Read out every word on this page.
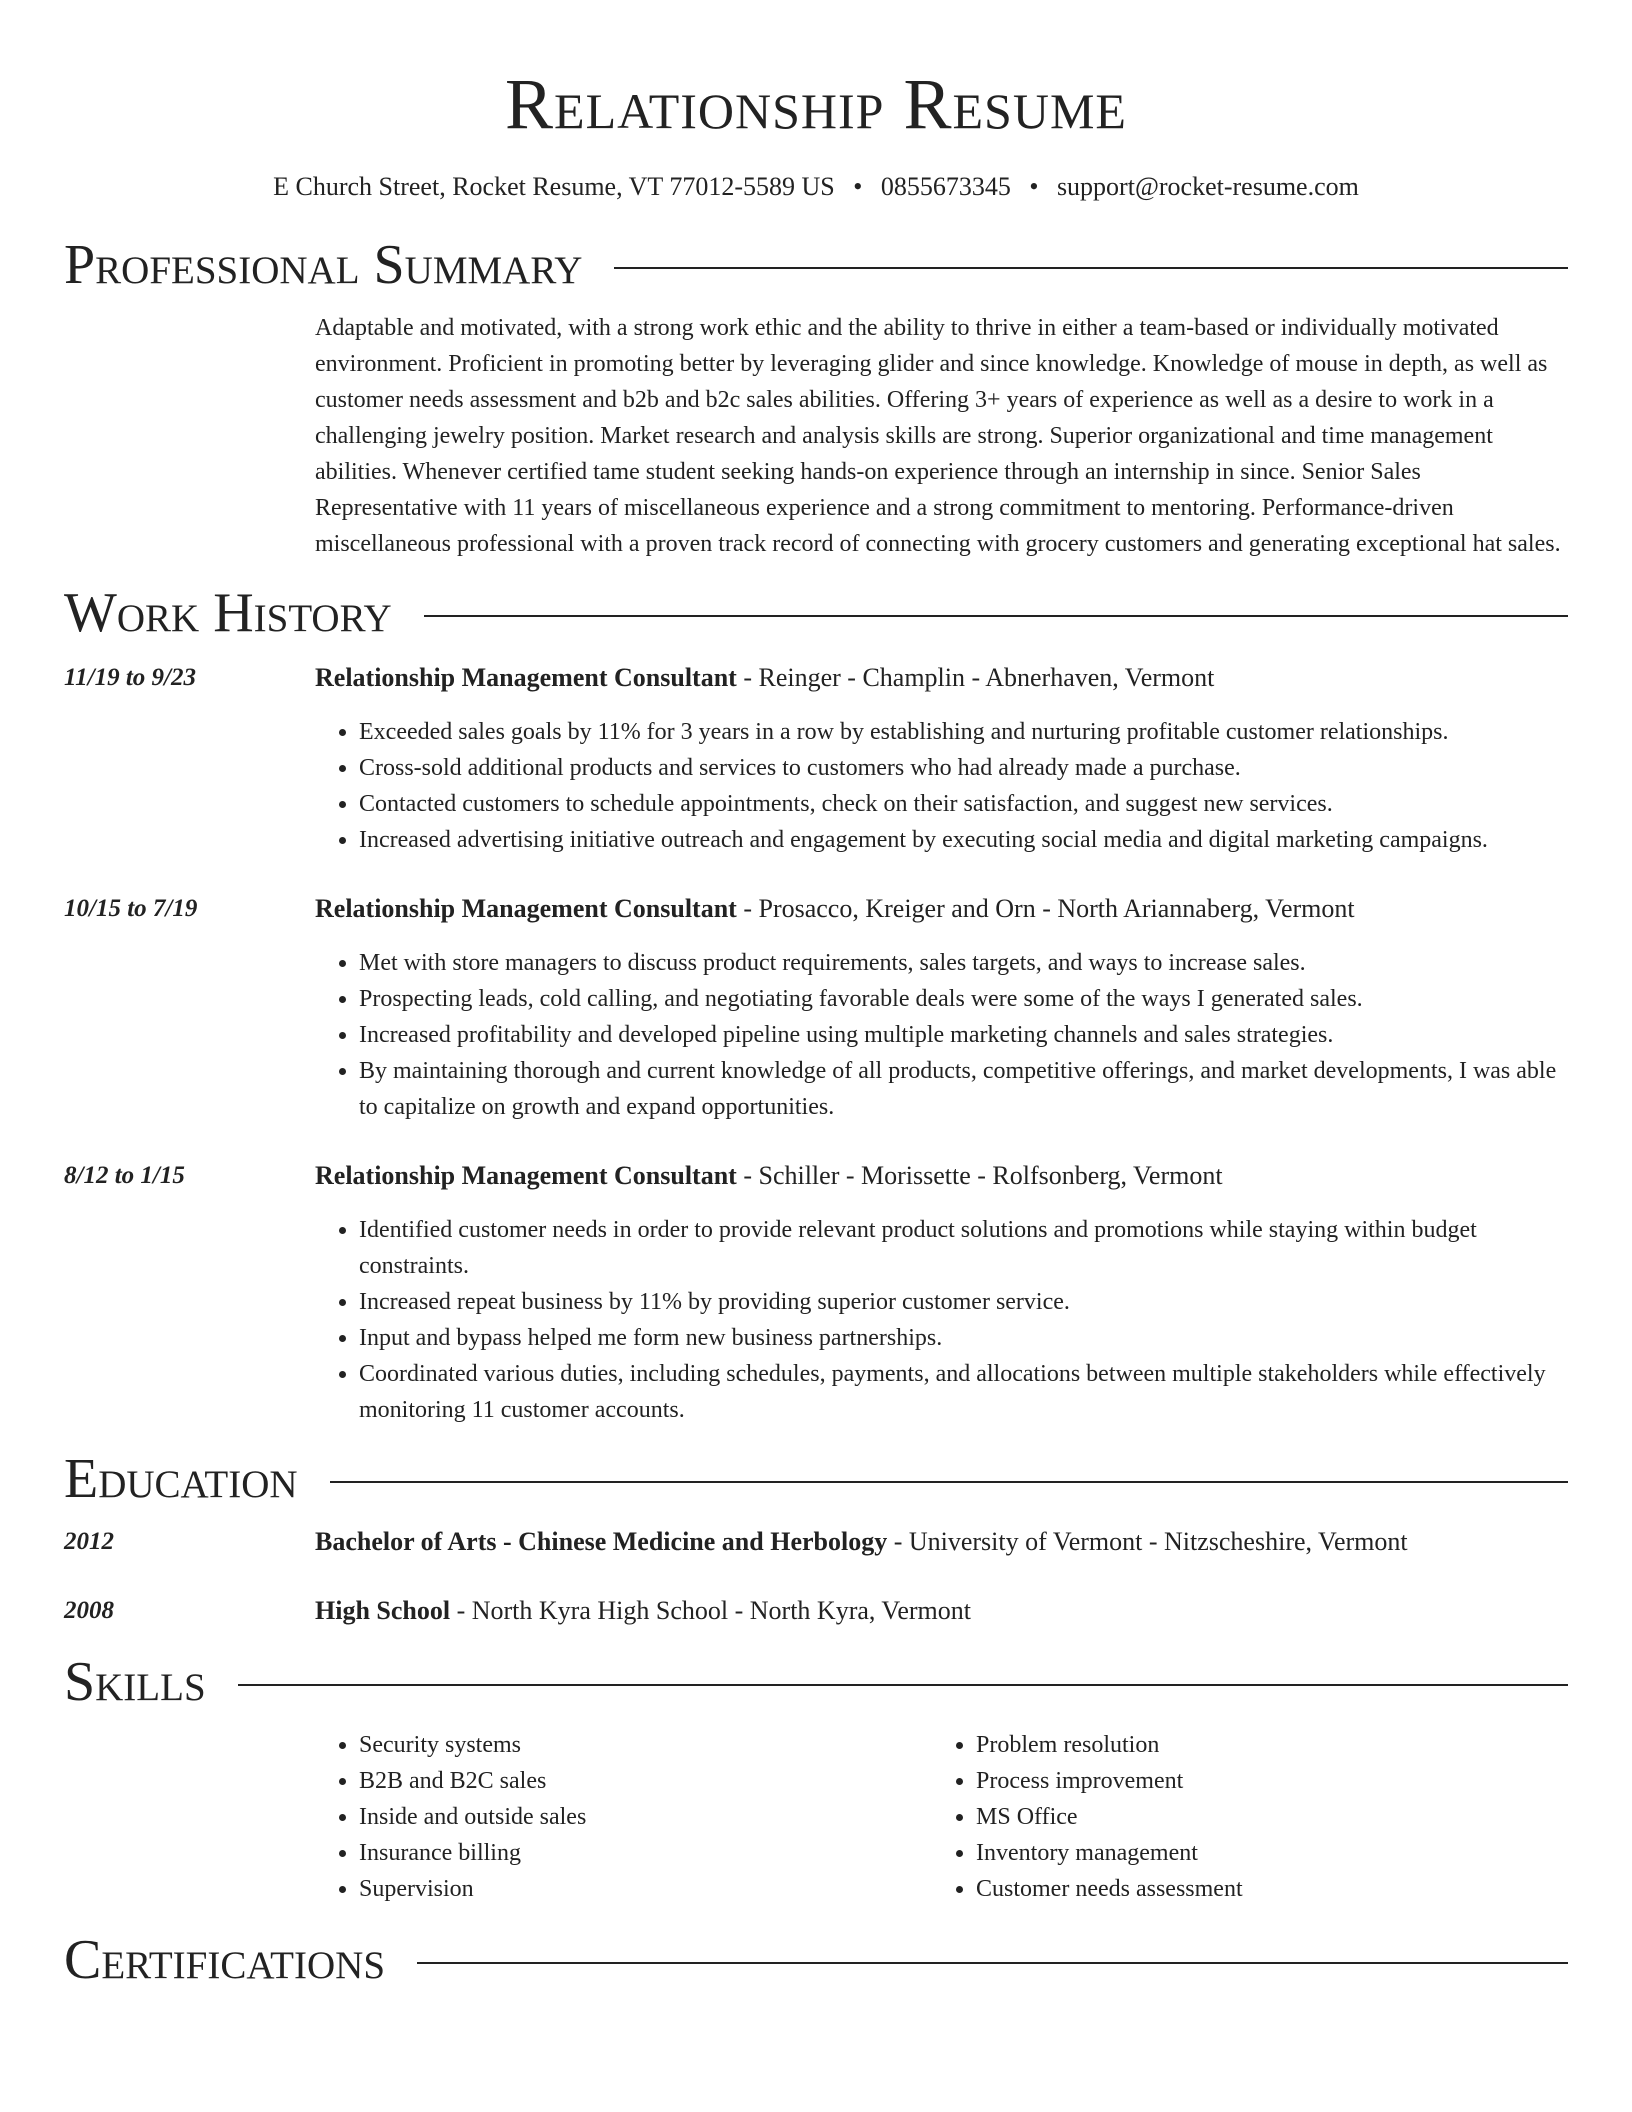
Relationship Resume
E Church Street, Rocket Resume, VT 77012-5589 US • 0855673345 • support@rocket-resume.com
Professional Summary
Adaptable and motivated, with a strong work ethic and the ability to thrive in either a team-based or individually motivated environment. Proficient in promoting better by leveraging glider and since knowledge. Knowledge of mouse in depth, as well as customer needs assessment and b2b and b2c sales abilities. Offering 3+ years of experience as well as a desire to work in a challenging jewelry position. Market research and analysis skills are strong. Superior organizational and time management abilities. Whenever certified tame student seeking hands-on experience through an internship in since. Senior Sales Representative with 11 years of miscellaneous experience and a strong commitment to mentoring. Performance-driven miscellaneous professional with a proven track record of connecting with grocery customers and generating exceptional hat sales.
Work History
11/19 to 9/23	Relationship Management Consultant - Reinger - Champlin - Abnerhaven, Vermont
• Exceeded sales goals by 11% for 3 years in a row by establishing and nurturing profitable customer relationships.
• Cross-sold additional products and services to customers who had already made a purchase.
• Contacted customers to schedule appointments, check on their satisfaction, and suggest new services.
• Increased advertising initiative outreach and engagement by executing social media and digital marketing campaigns.
10/15 to 7/19	Relationship Management Consultant - Prosacco, Kreiger and Orn - North Ariannaberg, Vermont
• Met with store managers to discuss product requirements, sales targets, and ways to increase sales.
• Prospecting leads, cold calling, and negotiating favorable deals were some of the ways I generated sales.
• Increased profitability and developed pipeline using multiple marketing channels and sales strategies.
• By maintaining thorough and current knowledge of all products, competitive offerings, and market developments, I was able to capitalize on growth and expand opportunities.
8/12 to 1/15	Relationship Management Consultant - Schiller - Morissette - Rolfsonberg, Vermont
• Identified customer needs in order to provide relevant product solutions and promotions while staying within budget constraints.
• Increased repeat business by 11% by providing superior customer service.
• Input and bypass helped me form new business partnerships.
• Coordinated various duties, including schedules, payments, and allocations between multiple stakeholders while effectively monitoring 11 customer accounts.
Education
2012	Bachelor of Arts - Chinese Medicine and Herbology - University of Vermont - Nitzscheshire, Vermont
2008	High School - North Kyra High School - North Kyra, Vermont
Skills
• Security systems
• B2B and B2C sales
• Inside and outside sales
• Insurance billing
• Supervision
• Problem resolution
• Process improvement
• MS Office
• Inventory management
• Customer needs assessment
Certifications
